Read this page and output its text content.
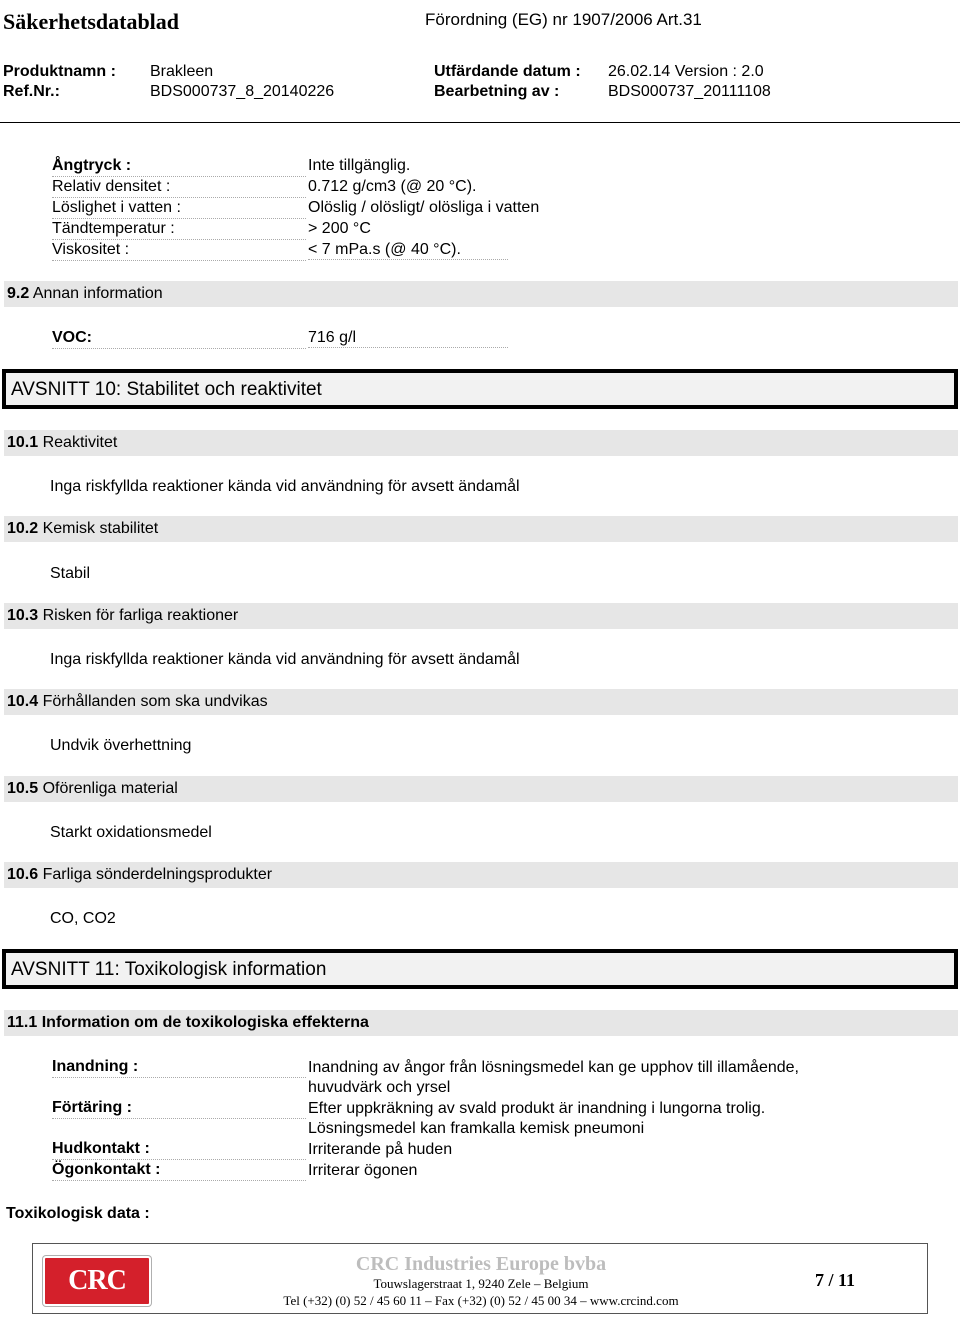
Säkerhetsdatablad	Förordning (EG) nr 1907/2006 Art.31
Produktnamn : Brakleen	Utfärdande datum : 26.02.14 Version : 2.0
Ref.Nr.:	BDS000737_8_20140226	Bearbetning av :	BDS000737_20111108
Ångtryck :	Inte tillgänglig.
Relativ densitet :	0.712 g/cm3 (@ 20 °C).
Löslighet i vatten :	Olöslig / olösligt/ olösliga i vatten
Tändtemperatur :	> 200 °C
Viskositet :	< 7 mPa.s (@ 40 °C).
9.2 Annan information
VOC:	716 g/l
AVSNITT 10: Stabilitet och reaktivitet
10.1 Reaktivitet
Inga riskfyllda reaktioner kända vid användning för avsett ändamål
10.2 Kemisk stabilitet
Stabil
10.3 Risken för farliga reaktioner
Inga riskfyllda reaktioner kända vid användning för avsett ändamål
10.4 Förhållanden som ska undvikas
Undvik överhettning
10.5 Oförenliga material
Starkt oxidationsmedel
10.6 Farliga sönderdelningsprodukter
CO, CO2
AVSNITT 11: Toxikologisk information
11.1 Information om de toxikologiska effekterna
Inandning :	Inandning av ångor från lösningsmedel kan ge upphov till illamående,
huvudvärk och yrsel
Förtäring :	Efter uppkräkning av svald produkt är inandning i lungorna trolig.
Lösningsmedel kan framkalla kemisk pneumoni
Hudkontakt :	Irriterande på huden
Ögonkontakt :	Irriterar ögonen
Toxikologisk data :
CRC
CRC Industries Europe bvba
Touwslagerstraat 1, 9240 Zele – Belgium
Tel (+32) (0) 52 / 45 60 11 – Fax (+32) (0) 52 / 45 00 34 – www.crcind.com
7 / 11
